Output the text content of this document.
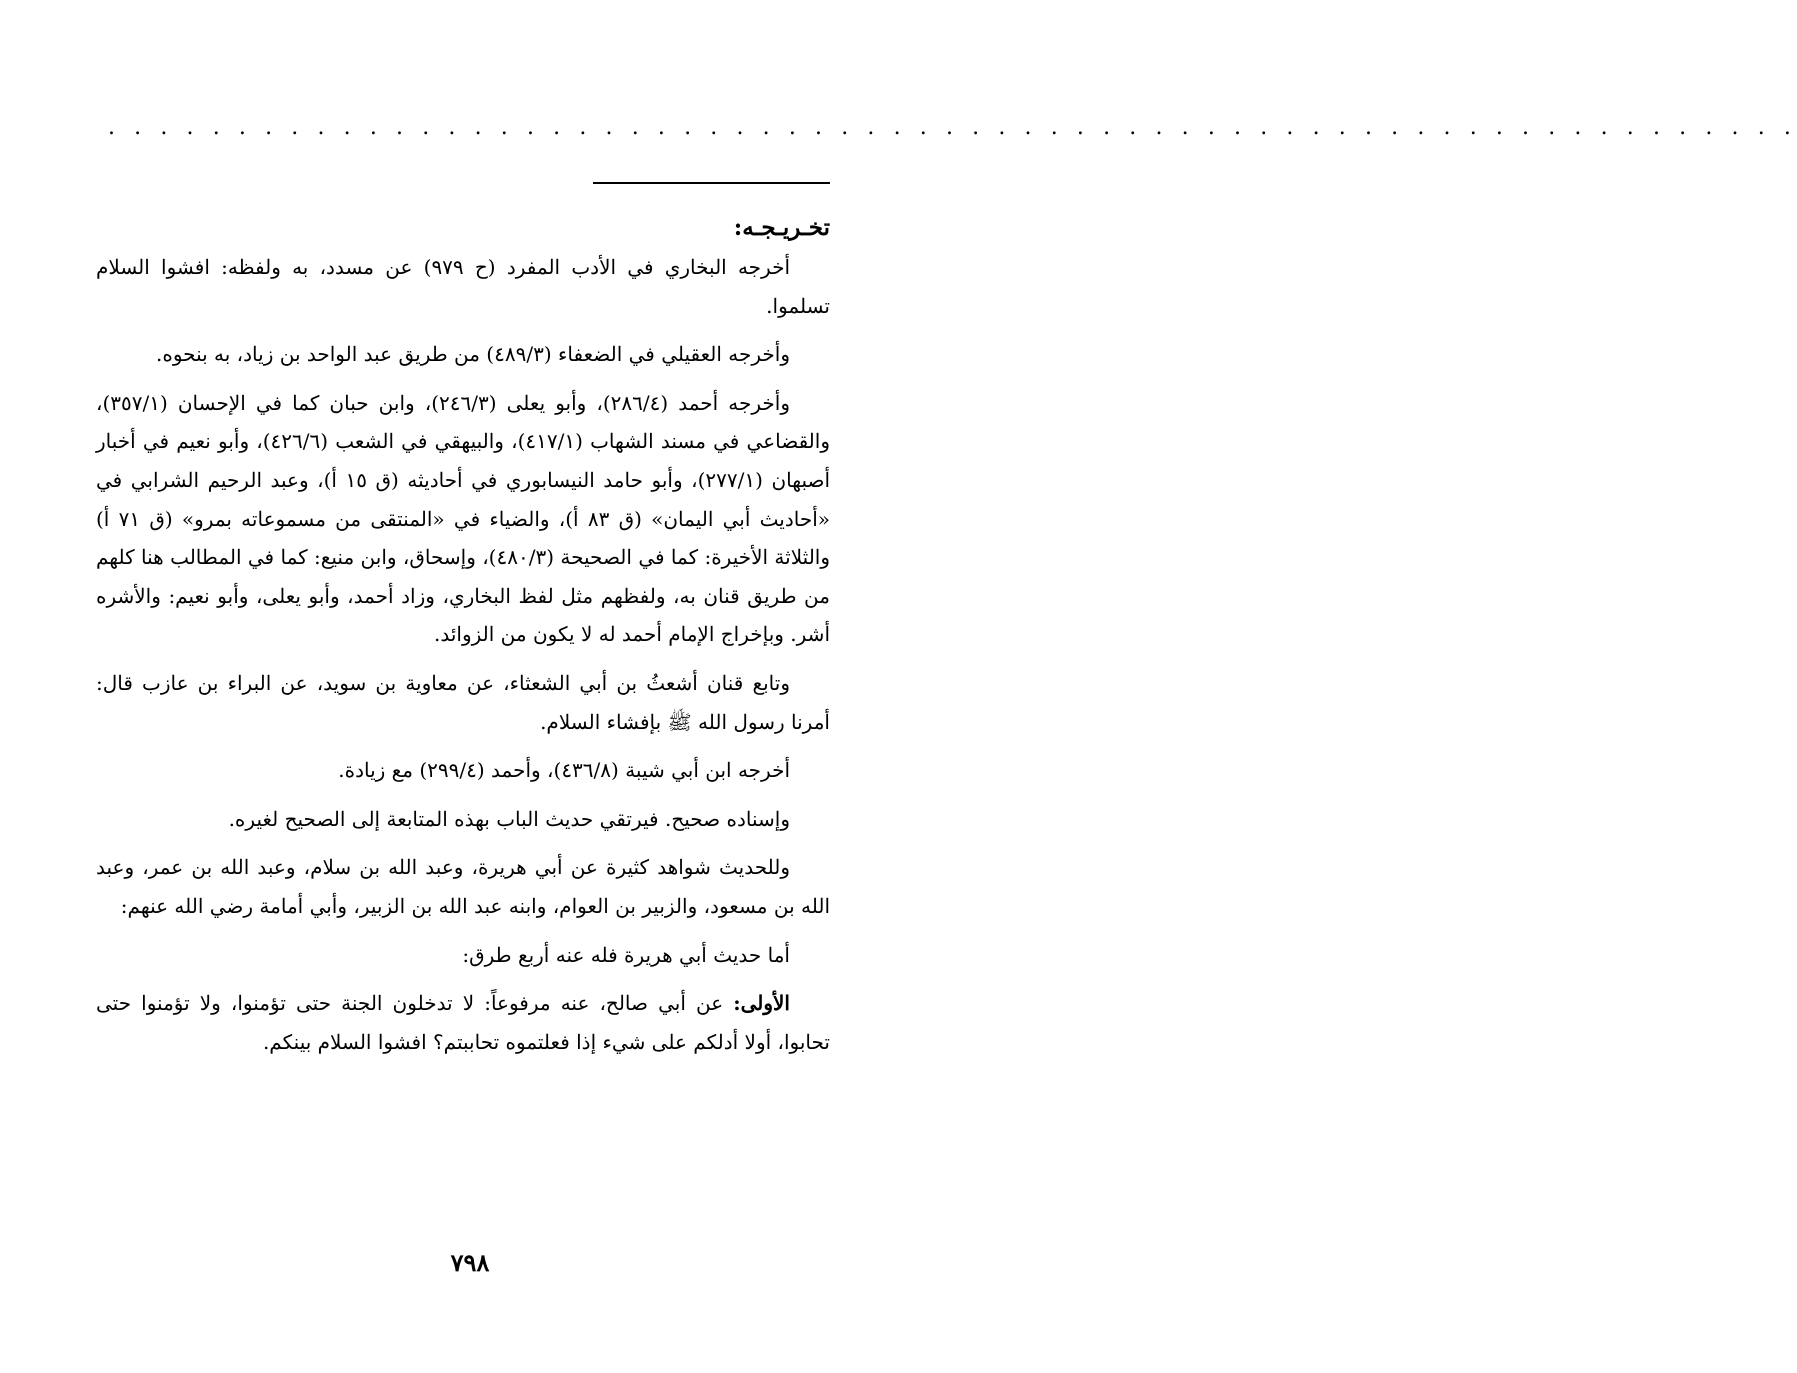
. . . . . . . . . . . . . . . . . . . . . . . . . . . . . . . . . . . . . . . . . . . . . . . . . . . . . . . . . . . . . . . . .
تخـريـجـه:

أخرجه البخاري في الأدب المفرد (ح ٩٧٩) عن مسدد، به ولفظه: افشوا السلام تسلموا.

وأخرجه العقيلي في الضعفاء (٤٨٩/٣) من طريق عبد الواحد بن زياد، به بنحوه.

وأخرجه أحمد (٢٨٦/٤)، وأبو يعلى (٢٤٦/٣)، وابن حبان كما في الإحسان (٣٥٧/١)، والقضاعي في مسند الشهاب (٤١٧/١)، والبيهقي في الشعب (٤٢٦/٦)، وأبو نعيم في أخبار أصبهان (٢٧٧/١)، وأبو حامد النيسابوري في أحاديثه (ق ١٥ أ)، وعبد الرحيم الشرابي في «أحاديث أبي اليمان» (ق ٨٣ أ)، والضياء في «المنتقى من مسموعاته بمرو» (ق ٧١ أ) والثلاثة الأخيرة: كما في الصحيحة (٤٨٠/٣)، وإسحاق، وابن منيع: كما في المطالب هنا كلهم من طريق قنان به، ولفظهم مثل لفظ البخاري، وزاد أحمد، وأبو يعلى، وأبو نعيم: والأشره أشر. وبإخراج الإمام أحمد له لا يكون من الزوائد.

وتابع قنان أشعثُ بن أبي الشعثاء، عن معاوية بن سويد، عن البراء بن عازب قال: أمرنا رسول الله ﷺ بإفشاء السلام.

أخرجه ابن أبي شيبة (٤٣٦/٨)، وأحمد (٢٩٩/٤) مع زيادة.

وإسناده صحيح. فيرتقي حديث الباب بهذه المتابعة إلى الصحيح لغيره.

وللحديث شواهد كثيرة عن أبي هريرة، وعبد الله بن سلام، وعبد الله بن عمر، وعبد الله بن مسعود، والزبير بن العوام، وابنه عبد الله بن الزبير، وأبي أمامة رضي الله عنهم:

أما حديث أبي هريرة فله عنه أربع طرق:

الأولى: عن أبي صالح، عنه مرفوعاً: لا تدخلون الجنة حتى تؤمنوا، ولا تؤمنوا حتى تحابوا، أولا أدلكم على شيء إذا فعلتموه تحاببتم؟ افشوا السلام بينكم.

٧٩٨
